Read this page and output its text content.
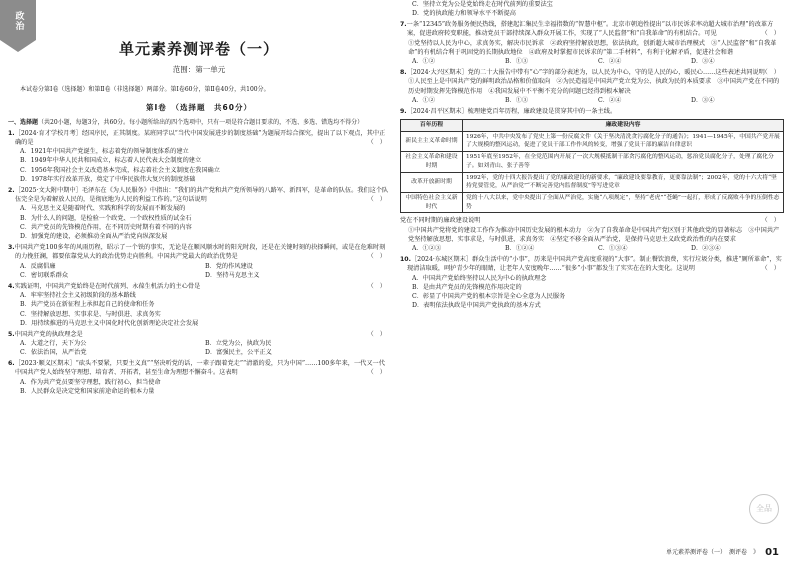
政治
单元素养测评卷（一）
范围：第一单元
本试卷分第Ⅰ卷（选择题）和第Ⅱ卷（非选择题）两部分。第Ⅰ卷60分，第Ⅱ卷40分，共100分。
第Ⅰ卷　（选择题　共60分）
一、选择题（共20小题，每题3分，共60分。每小题所给出的四个选项中，只有一项是符合题目要求的，不选、多选、错选均不得分）
1.［2024·育才学校月考］经国序民，正其制度。某班同学以“当代中国发展进步的制度基础”为题展开综合探究，提出了以下观点，其中正确的是	（　）
A．1921年中国共产党诞生，标志着党的领导制度体系的建立
B．1949年中华人民共和国成立，标志着人民代表大会制度的建立
C．1956年我国社会主义改造基本完成，标志着社会主义制度在我国确立
D．1978年实行改革开放，奠定了中华民族伟大复兴的制度基础
2.［2025·文大附中期中］毛泽东在《为人民服务》中指出：“我们的共产党和共产党所领导的八路军、新四军，是革命的队伍。我们这个队伍完全是为着解放人民的，是彻底地为人民的利益工作的。”这句话说明	（　）
A．马克思主义是随着时代、实践和科学的发展而不断发展的
B．为什么人的问题，是检验一个政党、一个政权性质的试金石
C．共产党员的先锋模范作用，在不同历史时期有着不同的内容
D．加强党的建设，必须推动全面从严治党向纵深发展
3.中国共产党100多年的风雨历程，昭示了一个铁的事实，无论是在顺风顺水时的阳光时段，还是在关键时刻的抉择瞬间，或是在危难时刻的力挽狂澜，都要依靠党从大的政治优势走向胜利。中国共产党最大的政治优势是	（　）
A．反腐倡廉	B．党的作风建设
C．密切联系群众	D．坚持马克思主义
4.实践证明，中国共产党始终是在时代前列、永葆生机活力的主心骨是	（　）
A．牢牢坚持社会主义初级阶段的基本路线
B．共产党员在新征程上承担起自己的使命和任务
C．坚持解放思想、实事求是、与时俱进、求真务实
D．用持续推进的马克思主义中国化时代化创新理论决定社会发展
5.中国共产党的执政理念是	（　）
A．大道之行，天下为公	B．立党为公，执政为民
C．依法治国，从严治党	D．富强民主，公平正义
6.［2023·顺义区期末］“砍头不要紧，只要主义真”“坚决听党的话，一辈子跟着党走”“清澈的爱，只为中国”……100多年来，一代又一代中国共产党人始终坚守理想、培育者、开拓者，甚至生命为理想不懈奋斗。这表明	（　）
A．作为共产党员要坚守理想，践行初心，担当使命
B．人民群众是决定党和国家前途命运的根本力量
C．坚持立党为公是党始终走在时代前列的重要法宝
D．党的执政能力和领导水平不断提高
7.一条“12345”政务服务便民热线，搭建起汇集民生幸福指数的“智慧中枢”。北京市朝追性提出“以市民诉求率动超大城市治理”的改革方案，促进政府转变职能，推动党员干部持续深入群众开展工作，实现了“人民监督”和“自我革命”的有机结合。可见	（　）
①党坚持以人民为中心，求真务实，解决市民诉求　②政府坚持解放思想，依法执政，创新超大城市治理模式　③“人民监督”和“自我革命”的有机结合利于巩固党的长期执政地位　④政府及时掌握市民诉求的“第二手材料”，有利于化解矛盾，促进社会和谐
A．①②	B．①③	C．②④	D．③④
8.［2024·大兴区期末］党的二十大报告中带有“心”字的部分表述为，以人民为中心，守的是人民的心，暖民心……这些表述共同说明
（　）
①人民至上是中国共产党的鲜明政治品格和价值取向　②为民造福是中国共产党立党为公、执政为民的本质要求　③中国共产党在不同的历史时期发挥先锋模范作用　④我国发展中不平衡不充分的问题已经得到根本解决
A．①②	B．①③	C．②④	D．③④
9.［2024·昌平区期末］梳理建党百年历程，廉政建设是贯穿其中的一条主线。
百年历程	廉政建设内容
新民主主义革命时期	1926年，中共中央发布了党史上第一份反腐文件《关于坚决清洗贪污腐化分子的通告》；1941—1945年，中国共产党开展了大规模的整风运动，促进了党员干部工作作风的转变，增强了党员干部的廉洁自律意识
社会主义革命和建设时期	1951年底至1952年，在全党范围内开展了一次大规模抵制干部贪污腐化的整风运动，惩治党员腐化分子，处理了腐化分子。如刘青山、张子善等
改革开放新时期	1992年，党的十四大报告提出了党的廉政建设的新要求，“廉政建设要靠教育，更要靠法制”；2002年，党的十六大将“坚持党要管党，从严治党”“不断完善党内监督制度”等写进党章
中国特色社会主义新时代	党的十八大以来，党中央提出了全面从严治党，实施“八项规定”，坚持“老虎”“苍蝇”一起打，形成了反腐败斗争的压倒性态势
党在不同时期的廉政建设说明	（　）
①中国共产党将党的建设工作作为推动中国历史发展的根本动力　②为了自我革命是中国共产党区别于其他政党的显著标志　③中国共产党坚持解放思想、实事求是，与时俱进，求真务实　④坚定不移全面从严治党，是保持马克思主义政党政治性的内在要求
A．①②③	B．①②④	C．①③④	D．②③④
10.［2024·东城区期末］群众生活中的“小事”，历来是中国共产党高度重视的“大事”。制止餐饮浪费，实行垃圾分类，推进“厕所革命”，实现清洁取暖，呵护青少年的眼睛，让老年人安度晚年……“很多”小事“都发生了实实在在的大变化。这说明	（　）
A．中国共产党始终坚持以人民为中心的执政理念
B．是由共产党员的先锋模范作用决定的
C．彰显了中国共产党的根本宗旨是全心全意为人民服务
D．表明依法执政是中国共产党执政的基本方式
全品
单元素养测评卷（一）　测评卷 》 01
